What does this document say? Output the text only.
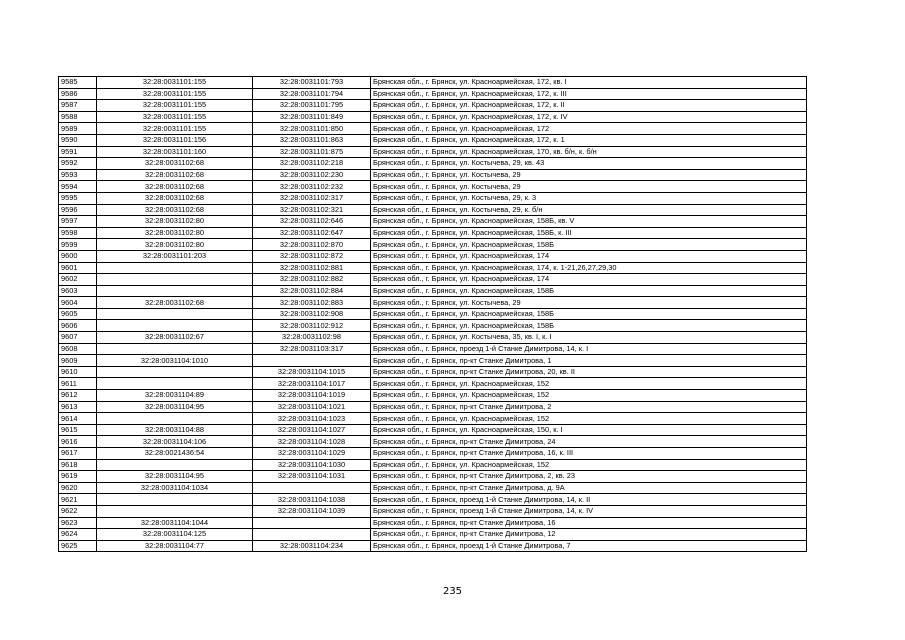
9585	32:28:0031101:155	32:28:0031101:793	Брянская обл., г. Брянск, ул. Красноармейская, 172, кв. I
9586	32:28:0031101:155	32:28:0031101:794	Брянская обл., г. Брянск, ул. Красноармейская, 172, к. III
9587	32:28:0031101:155	32:28:0031101:795	Брянская обл., г. Брянск, ул. Красноармейская, 172, к. II
9588	32:28:0031101:155	32:28:0031101:849	Брянская обл., г. Брянск, ул. Красноармейская, 172, к. IV
9589	32:28:0031101:155	32:28:0031101:850	Брянская обл., г. Брянск, ул. Красноармейская, 172
9590	32:28:0031101:156	32:28:0031101:863	Брянская обл., г. Брянск, ул. Красноармейская, 172, к. 1
9591	32:28:0031101:160	32:28:0031101:875	Брянская обл., г. Брянск, ул. Красноармейская, 170, кв. б/н, к. б/н
9592	32:28:0031102:68	32:28:0031102:218	Брянская обл., г. Брянск, ул. Костычева, 29, кв. 43
9593	32:28:0031102:68	32:28:0031102:230	Брянская обл., г. Брянск, ул. Костычева, 29
9594	32:28:0031102:68	32:28:0031102:232	Брянская обл., г. Брянск, ул. Костычева, 29
9595	32:28:0031102:68	32:28:0031102:317	Брянская обл., г. Брянск, ул. Костычева, 29, к. 3
9596	32:28:0031102:68	32:28:0031102:321	Брянская обл., г. Брянск, ул. Костычева, 29, к. б/н
9597	32:28:0031102:80	32:28:0031102:646	Брянская обл., г. Брянск, ул. Красноармейская, 158Б, кв. V
9598	32:28:0031102:80	32:28:0031102:647	Брянская обл., г. Брянск, ул. Красноармейская, 158Б, к. III
9599	32:28:0031102:80	32:28:0031102:870	Брянская обл., г. Брянск, ул. Красноармейская, 158Б
9600	32:28:0031101:203	32:28:0031102:872	Брянская обл., г. Брянск, ул. Красноармейская, 174
9601		32:28:0031102:881	Брянская обл., г. Брянск, ул. Красноармейская, 174, к. 1-21,26,27,29,30
9602		32:28:0031102:882	Брянская обл., г. Брянск, ул. Красноармейская, 174
9603		32:28:0031102:884	Брянская обл., г. Брянск, ул. Красноармейская, 158Б
9604	32:28:0031102:68	32:28:0031102:883	Брянская обл., г. Брянск, ул. Костычева, 29
9605		32:28:0031102:908	Брянская обл., г. Брянск, ул. Красноармейская, 158Б
9606		32:28:0031102:912	Брянская обл., г. Брянск, ул. Красноармейская, 158Б
9607	32:28:0031102:67	32:28:0031102:98	Брянская обл., г. Брянск, ул. Костычева, 35, кв. I, к. I
9608		32:28:0031103:317	Брянская обл., г. Брянск, проезд 1-й Станке Димитрова, 14, к. I
9609	32:28:0031104:1010		Брянская обл., г. Брянск, пр-кт Станке Димитрова, 1
9610		32:28:0031104:1015	Брянская обл., г. Брянск, пр-кт Станке Димитрова, 20, кв. II
9611		32:28:0031104:1017	Брянская обл., г. Брянск, ул. Красноармейская, 152
9612	32:28:0031104:89	32:28:0031104:1019	Брянская обл., г. Брянск, ул. Красноармейская, 152
9613	32:28:0031104:95	32:28:0031104:1021	Брянская обл., г. Брянск, пр-кт Станке Димитрова, 2
9614		32:28:0031104:1023	Брянская обл., г. Брянск, ул. Красноармейская, 152
9615	32:28:0031104:88	32:28:0031104:1027	Брянская обл., г. Брянск, ул. Красноармейская, 150, к. I
9616	32:28:0031104:106	32:28:0031104:1028	Брянская обл., г. Брянск, пр-кт Станке Димитрова, 24
9617	32:28:0021436:54	32:28:0031104:1029	Брянская обл., г. Брянск, пр-кт Станке Димитрова, 16, к. III
9618		32:28:0031104:1030	Брянская обл., г. Брянск, ул. Красноармейская, 152
9619	32:28:0031104:95	32:28:0031104:1031	Брянская обл., г. Брянск, пр-кт Станке Димитрова, 2, кв. 23
9620	32:28:0031104:1034		Брянская обл., г. Брянск, пр-кт Станке Димитрова, д. 9А
9621		32:28:0031104:1038	Брянская обл., г. Брянск, проезд 1-й Станке Димитрова, 14, к. II
9622		32:28:0031104:1039	Брянская обл., г. Брянск, проезд 1-й Станке Димитрова, 14, к. IV
9623	32:28:0031104:1044		Брянская обл., г. Брянск, пр-кт Станке Димитрова, 16
9624	32:28:0031104:125		Брянская обл., г. Брянск, пр-кт Станке Димитрова, 12
9625	32:28:0031104:77	32:28:0031104:234	Брянская обл., г. Брянск, проезд 1-й Станке Димитрова, 7
235
